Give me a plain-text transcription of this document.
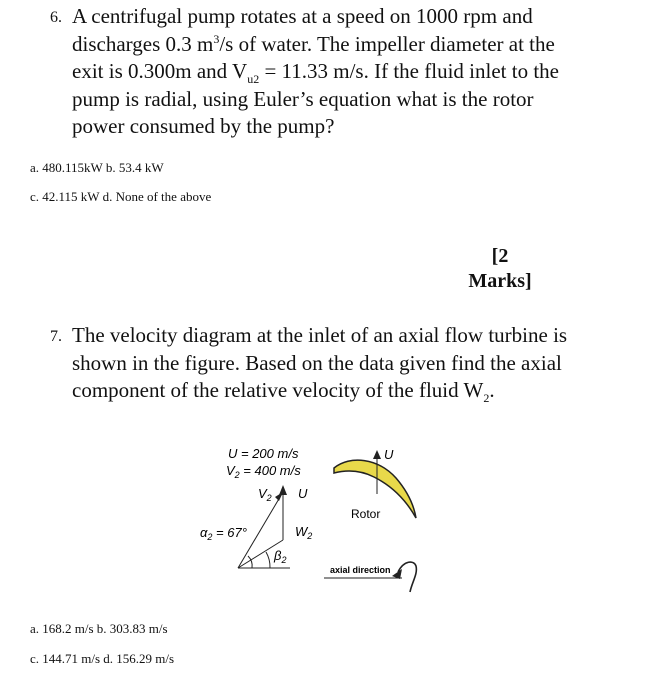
6. A centrifugal pump rotates at a speed on 1000 rpm and
discharges 0.3 $m^3/s$ of water. The impeller diameter at the
exit is 0.300m and $V_{u2} = 11.33$ m/s. If the fluid inlet to the
pump is radial, using Euler’s equation what is the rotor
power consumed by the pump?
a. 480.115kW b. 53.4 kW
c. 42.115 kW d. None of the above
[2
Marks]
7. The velocity diagram at the inlet of an axial flow turbine is
shown in the figure. Based on the data given find the axial
component of the relative velocity of the fluid $W_2$.
U = 200 m/s
$V_2 = 400$ m/s
$V_2$ U
$\alpha_2 = 67^\circ$	$W_2$
$\beta_2$
U
Rotor
axial direction
a. 168.2 m/s b. 303.83 m/s
c. 144.71 m/s d. 156.29 m/s
